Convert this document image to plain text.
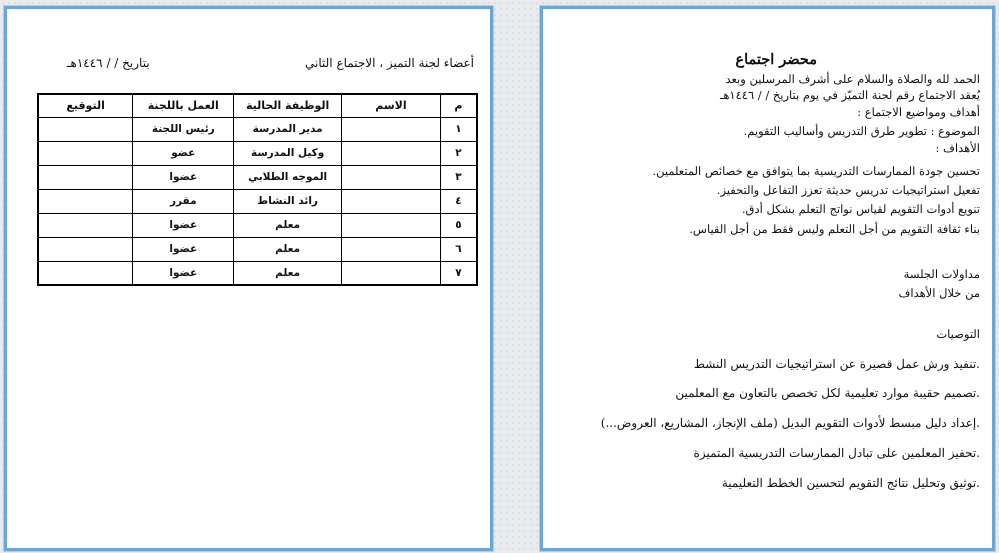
أعضاء لجنة التميز ، الاجتماع الثاني
بتاريخ / / ١٤٤٦هـ
م	الاسم	الوظيفة الحالية	العمل باللجنة	التوقيع
١		مدير المدرسة	رئيس اللجنة	
٢		وكيل المدرسة	عضو	
٣		الموجه الطلابي	عضوا	
٤		رائد النشاط	مقرر	
٥		معلم	عضوا	
٦		معلم	عضوا	
٧		معلم	عضوا	
محضر اجتماع
الحمد لله والصلاة والسلام على أشرف المرسلين وبعد
يُعقد الاجتماع رقم لجنة التميّز في يوم بتاريخ / / ١٤٤٦هـ
أهداف ومواضيع الاجتماع :
الموضوع : تطوير طرق التدريس وأساليب التقويم.
الأهداف :
تحسين جودة الممارسات التدريسية بما يتوافق مع خصائص المتعلمين.
تفعيل استراتيجيات تدريس حديثة تعزز التفاعل والتحفيز.
تنويع أدوات التقويم لقياس نواتج التعلم بشكل أدق.
بناء ثقافة التقويم من أجل التعلم وليس فقط من أجل القياس.
مداولات الجلسة
من خلال الأهداف
التوصيات
.تنفيذ ورش عمل قصيرة عن استراتيجيات التدريس النشط
.تصميم حقيبة موارد تعليمية لكل تخصص بالتعاون مع المعلمين
.إعداد دليل مبسط لأدوات التقويم البديل (ملف الإنجاز، المشاريع، العروض...)
.تحفيز المعلمين على تبادل الممارسات التدريسية المتميزة
.توثيق وتحليل نتائج التقويم لتحسين الخطط التعليمية
